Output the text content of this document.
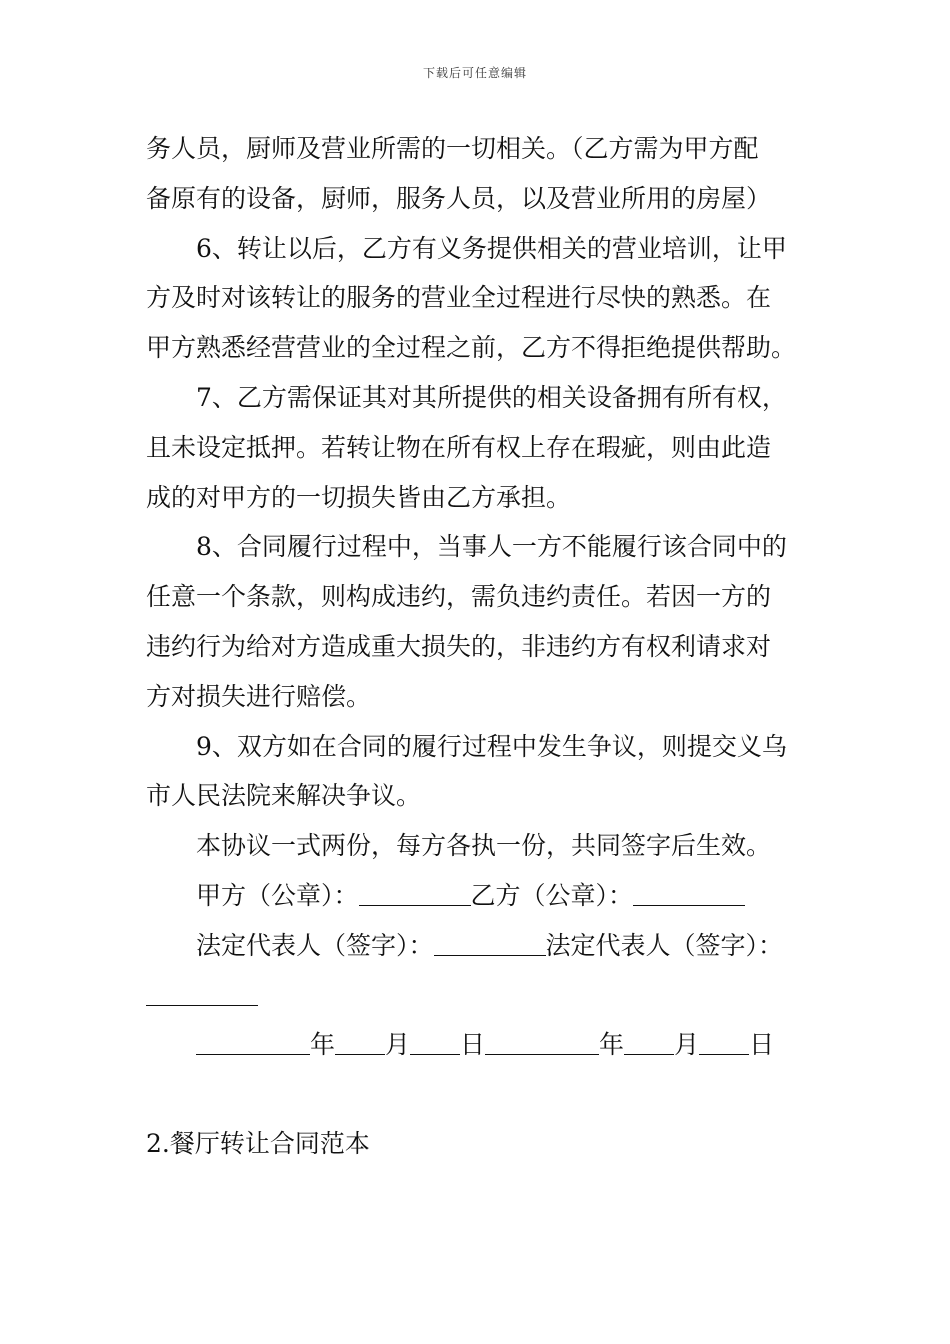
下载后可任意编辑
务人员，厨师及营业所需的一切相关。（乙方需为甲方配
备原有的设备，厨师，服务人员，以及营业所用的房屋）
6、转让以后，乙方有义务提供相关的营业培训，让甲
方及时对该转让的服务的营业全过程进行尽快的熟悉。在
甲方熟悉经营营业的全过程之前，乙方不得拒绝提供帮助。
7、乙方需保证其对其所提供的相关设备拥有所有权，
且未设定抵押。若转让物在所有权上存在瑕疵，则由此造
成的对甲方的一切损失皆由乙方承担。
8、合同履行过程中，当事人一方不能履行该合同中的
任意一个条款，则构成违约，需负违约责任。若因一方的
违约行为给对方造成重大损失的，非违约方有权利请求对
方对损失进行赔偿。
9、双方如在合同的履行过程中发生争议，则提交义乌
市人民法院来解决争议。
本协议一式两份，每方各执一份，共同签字后生效。
甲方（公章）：	乙方（公章）：
法定代表人（签字）：	法定代表人（签字）：
年 月 日	年 月 日
2.餐厅转让合同范本
